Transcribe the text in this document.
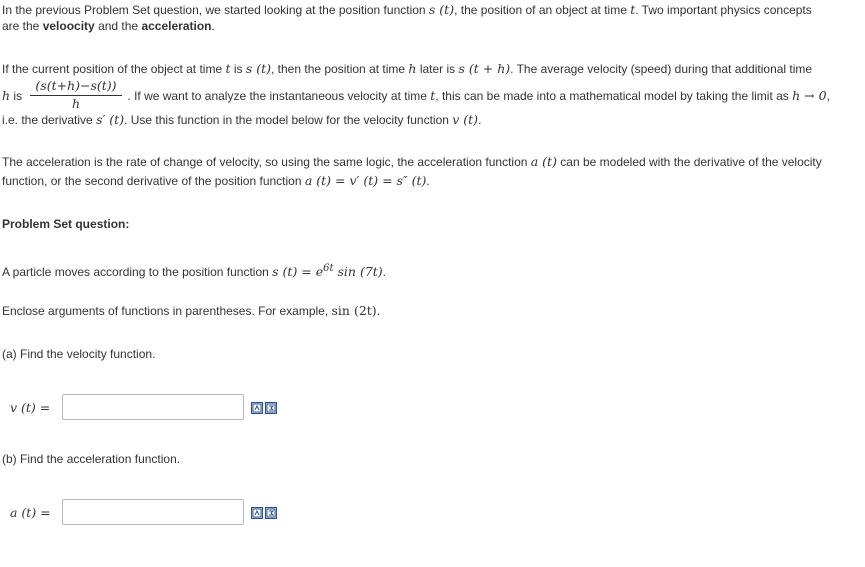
In the previous Problem Set question, we started looking at the position function s (t), the position of an object at time t. Two important physics concepts
are the veloocity and the acceleration.
If the current position of the object at time t is s (t), then the position at time h later is s (t + h). The average velocity (speed) during that additional time
h is	. If we want to analyze the instantaneous velocity at time t, this can be made into a mathematical model by taking the limit as h → 0,
(s(t+h)−s(t))
h
i.e. the derivative s′ (t). Use this function in the model below for the velocity function v (t).
The acceleration is the rate of change of velocity, so using the same logic, the acceleration function a (t) can be modeled with the derivative of the velocity
function, or the second derivative of the position function a (t) = v′ (t) = s″ (t).
Problem Set question:
A particle moves according to the position function s $(t) = e^{6t}$ sin (7t).
Enclose arguments of functions in parentheses. For example, sin (2t).
(a) Find the velocity function.
v (t) =
(b) Find the acceleration function.
a (t) =
